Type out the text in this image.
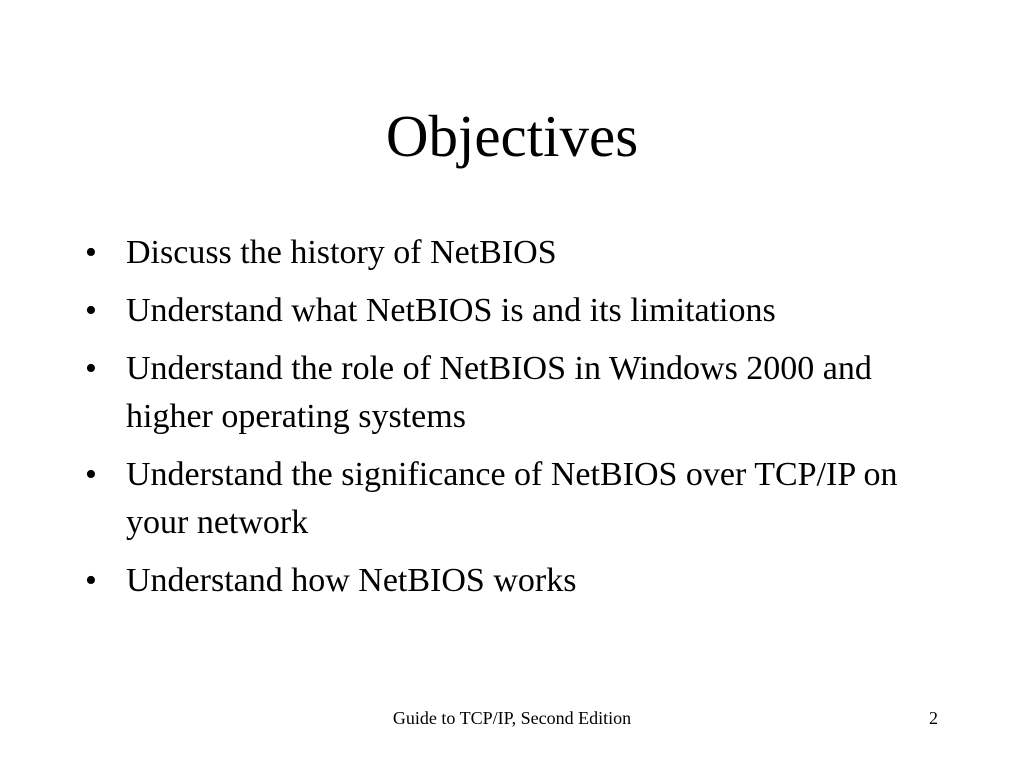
Objectives
• Discuss the history of NetBIOS
• Understand what NetBIOS is and its limitations
• Understand the role of NetBIOS in Windows 2000 and higher operating systems
• Understand the significance of NetBIOS over TCP/IP on your network
• Understand how NetBIOS works
Guide to TCP/IP, Second Edition	2
